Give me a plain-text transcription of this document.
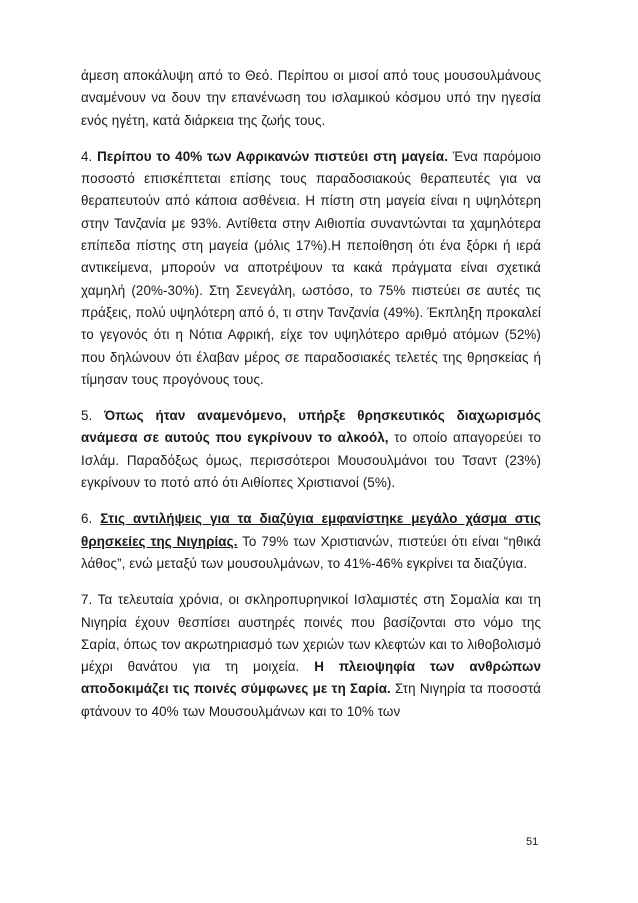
άμεση αποκάλυψη από το Θεό. Περίπου οι μισοί από τους μουσουλμάνους αναμένουν να δουν την επανένωση του ισλαμικού κόσμου υπό την ηγεσία ενός ηγέτη, κατά διάρκεια της ζωής τους.

4. Περίπου το 40% των Αφρικανών πιστεύει στη μαγεία. Ένα παρόμοιο ποσοστό επισκέπτεται επίσης τους παραδοσιακούς θεραπευτές για να θεραπευτούν από κάποια ασθένεια. Η πίστη στη μαγεία είναι η υψηλότερη στην Τανζανία με 93%. Αντίθετα στην Αιθιοπία συναντώνται τα χαμηλότερα επίπεδα πίστης στη μαγεία (μόλις 17%).Η πεποίθηση ότι ένα ξόρκι ή ιερά αντικείμενα, μπορούν να αποτρέψουν τα κακά πράγματα είναι σχετικά χαμηλή (20%-30%). Στη Σενεγάλη, ωστόσο, το 75% πιστεύει σε αυτές τις πράξεις, πολύ υψηλότερη από ό, τι στην Τανζανία (49%). Έκπληξη προκαλεί το γεγονός ότι η Νότια Αφρική, είχε τον υψηλότερο αριθμό ατόμων (52%) που δηλώνουν ότι έλαβαν μέρος σε παραδοσιακές τελετές της θρησκείας ή τίμησαν τους προγόνους τους.

5. Όπως ήταν αναμενόμενο, υπήρξε θρησκευτικός διαχωρισμός ανάμεσα σε αυτούς που εγκρίνουν το αλκοόλ, το οποίο απαγορεύει το Ισλάμ. Παραδόξως όμως, περισσότεροι Μουσουλμάνοι του Τσαντ (23%) εγκρίνουν το ποτό από ότι Αιθίοπες Χριστιανοί (5%).

6. Στις αντιλήψεις για τα διαζύγια εμφανίστηκε μεγάλο χάσμα στις θρησκείες της Νιγηρίας. Το 79% των Χριστιανών, πιστεύει ότι είναι “ηθικά λάθος”, ενώ μεταξύ των μουσουλμάνων, το 41%-46% εγκρίνει τα διαζύγια.

7. Τα τελευταία χρόνια, οι σκληροπυρηνικοί Ισλαμιστές στη Σομαλία και τη Νιγηρία έχουν θεσπίσει αυστηρές ποινές που βασίζονται στο νόμο της Σαρία, όπως τον ακρωτηριασμό των χεριών των κλεφτών και το λιθοβολισμό μέχρι θανάτου για τη μοιχεία. Η πλειοψηφία των ανθρώπων αποδοκιμάζει τις ποινές σύμφωνες με τη Σαρία. Στη Νιγηρία τα ποσοστά φτάνουν το 40% των Μουσουλμάνων και το 10% των

51
